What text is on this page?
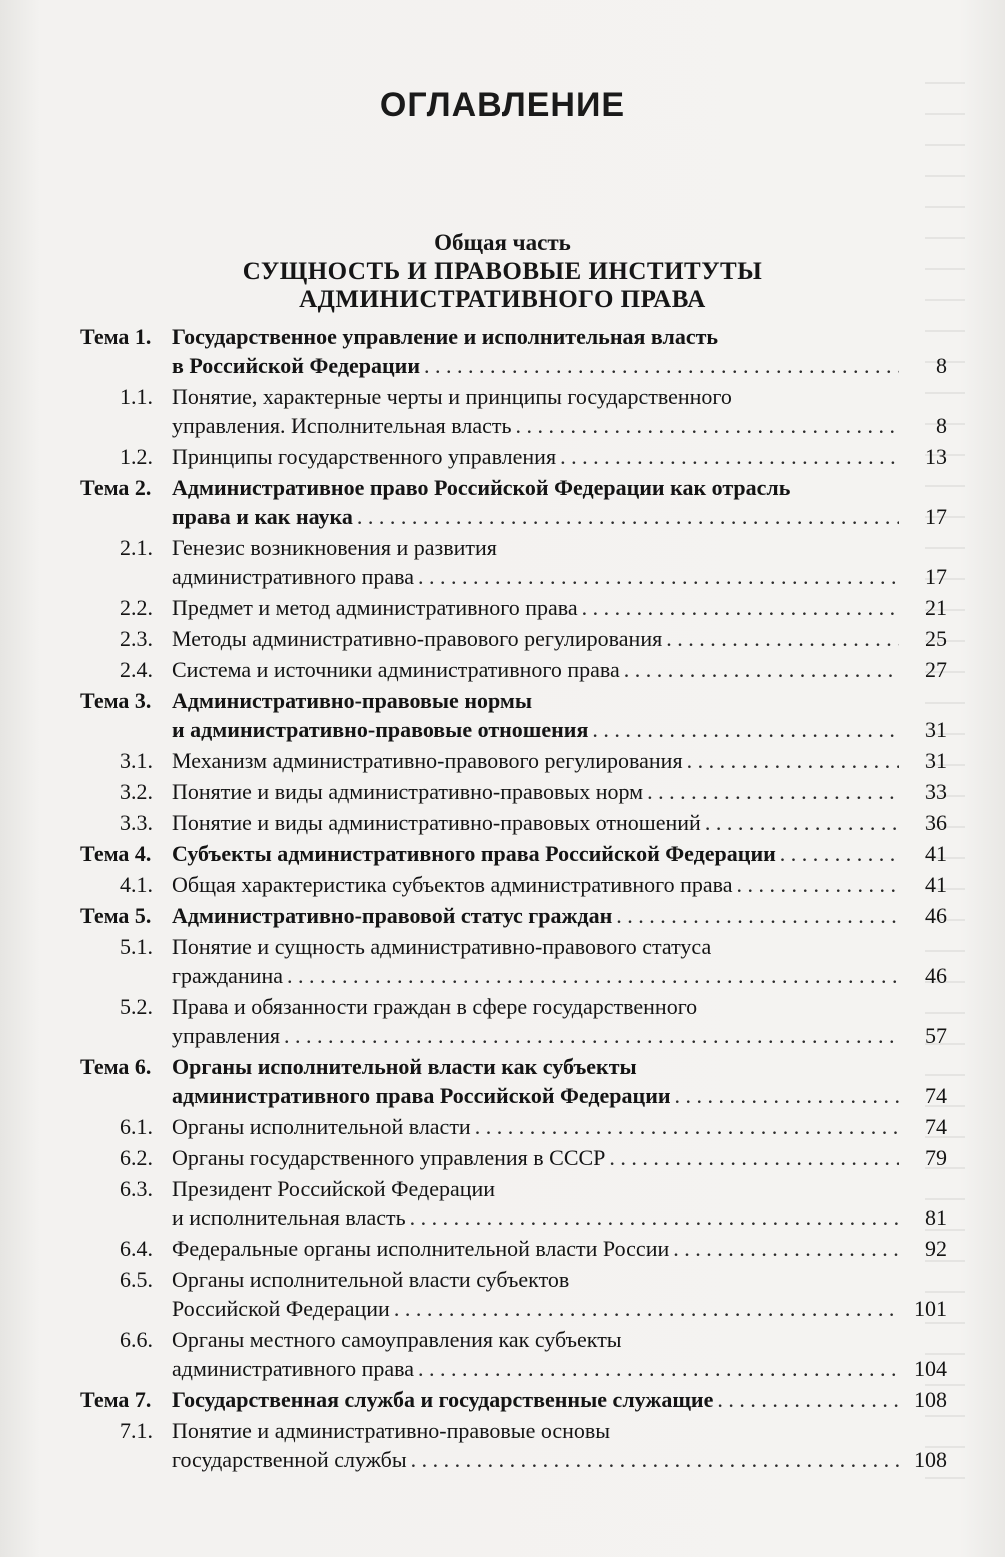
ОГЛАВЛЕНИЕ
Общая часть
СУЩНОСТЬ И ПРАВОВЫЕ ИНСТИТУТЫ
АДМИНИСТРАТИВНОГО ПРАВА
Тема 1. Государственное управление и исполнительная власть
в Российской Федерации . . .	8
1.1. Понятие, характерные черты и принципы государственного
управления. Исполнительная власть . . .	8
1.2. Принципы государственного управления . . .	13
Тема 2. Административное право Российской Федерации как отрасль
права и как наука . . .	17
2.1. Генезис возникновения и развития
административного права . . .	17
2.2. Предмет и метод административного права . . .	21
2.3. Методы административно-правового регулирования . . .	25
2.4. Система и источники административного права . . .	27
Тема 3. Административно-правовые нормы
и административно-правовые отношения . . .	31
3.1. Механизм административно-правового регулирования . . .	31
3.2. Понятие и виды административно-правовых норм . . .	33
3.3. Понятие и виды административно-правовых отношений . . .	36
Тема 4. Субъекты административного права Российской Федерации . . .	41
4.1. Общая характеристика субъектов административного права . . .	41
Тема 5. Административно-правовой статус граждан . . .	46
5.1. Понятие и сущность административно-правового статуса
гражданина . . .	46
5.2. Права и обязанности граждан в сфере государственного
управления . . .	57
Тема 6. Органы исполнительной власти как субъекты
административного права Российской Федерации . . .	74
6.1. Органы исполнительной власти . . .	74
6.2. Органы государственного управления в СССР . . .	79
6.3. Президент Российской Федерации
и исполнительная власть . . .	81
6.4. Федеральные органы исполнительной власти России . . .	92
6.5. Органы исполнительной власти субъектов
Российской Федерации . . .	101
6.6. Органы местного самоуправления как субъекты
административного права . . .	104
Тема 7. Государственная служба и государственные служащие . . .	108
7.1. Понятие и административно-правовые основы
государственной службы . . .	108
